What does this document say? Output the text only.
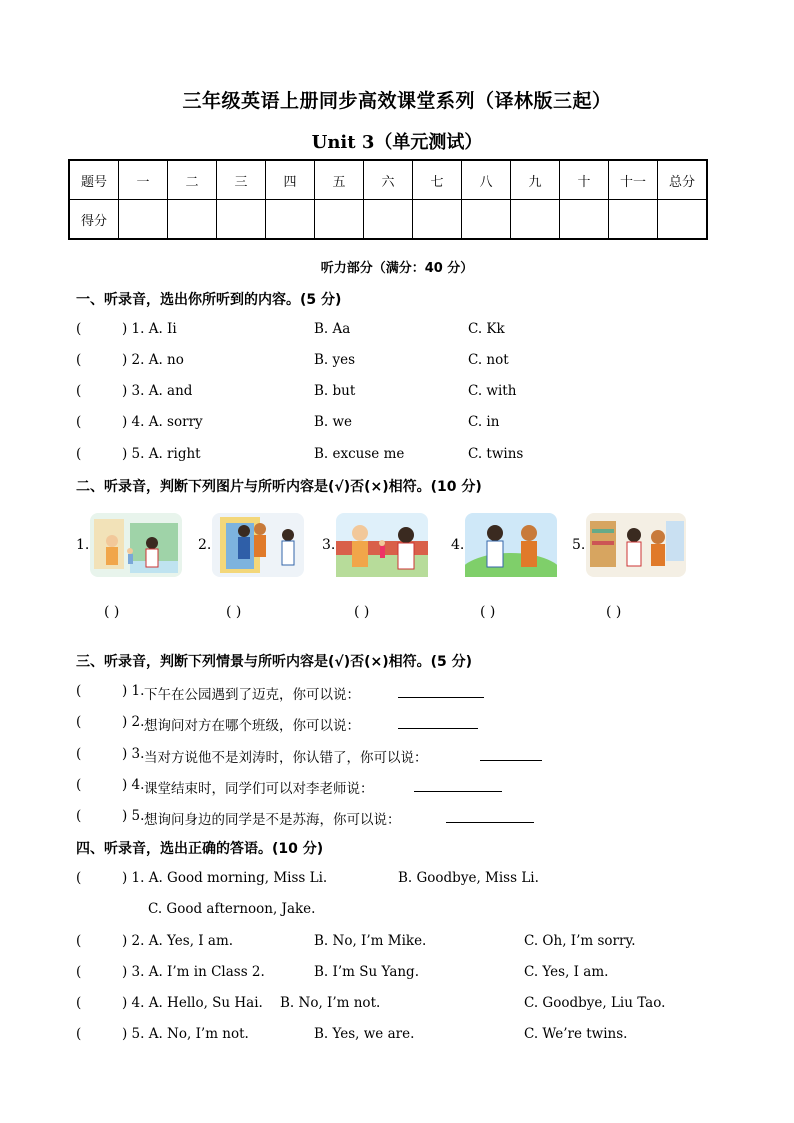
三年级英语上册同步高效课堂系列（译林版三起）
Unit 3（单元测试）
题号	一	二	三	四	五	六	七	八	九	十	十一	总分
得分												
听力部分（满分：40 分）
一、听录音，选出你所听到的内容。(5 分)
(	) 1. A. Ii	B. Aa	C. Kk
(	) 2. A. no	B. yes	C. not
(	) 3. A. and	B. but	C. with
(	) 4. A. sorry	B. we	C. in
(	) 5. A. right	B. excuse me	C. twins
二、听录音，判断下列图片与所听内容是(√)否(×)相符。(10 分)
1.	2.	3.	4.	5.
( )	( )	( )	( )	( )
三、听录音，判断下列情景与所听内容是(√)否(×)相符。(5 分)
(	) 1. 下午在公园遇到了迈克，你可以说：
(	) 2. 想询问对方在哪个班级，你可以说：
(	) 3. 当对方说他不是刘涛时，你认错了，你可以说：
(	) 4. 课堂结束时，同学们可以对李老师说：
(	) 5. 想询问身边的同学是不是苏海，你可以说：
四、听录音，选出正确的答语。(10 分)
(	) 1. A. Good morning, Miss Li.	B. Goodbye, Miss Li.
C. Good afternoon, Jake.
(	) 2. A. Yes, I am.	B. No, I’m Mike.	C. Oh, I’m sorry.
(	) 3. A. I’m in Class 2.	B. I’m Su Yang.	C. Yes, I am.
(	) 4. A. Hello, Su Hai. B. No, I’m not.	C. Goodbye, Liu Tao.
(	) 5. A. No, I’m not.	B. Yes, we are.	C. We’re twins.
